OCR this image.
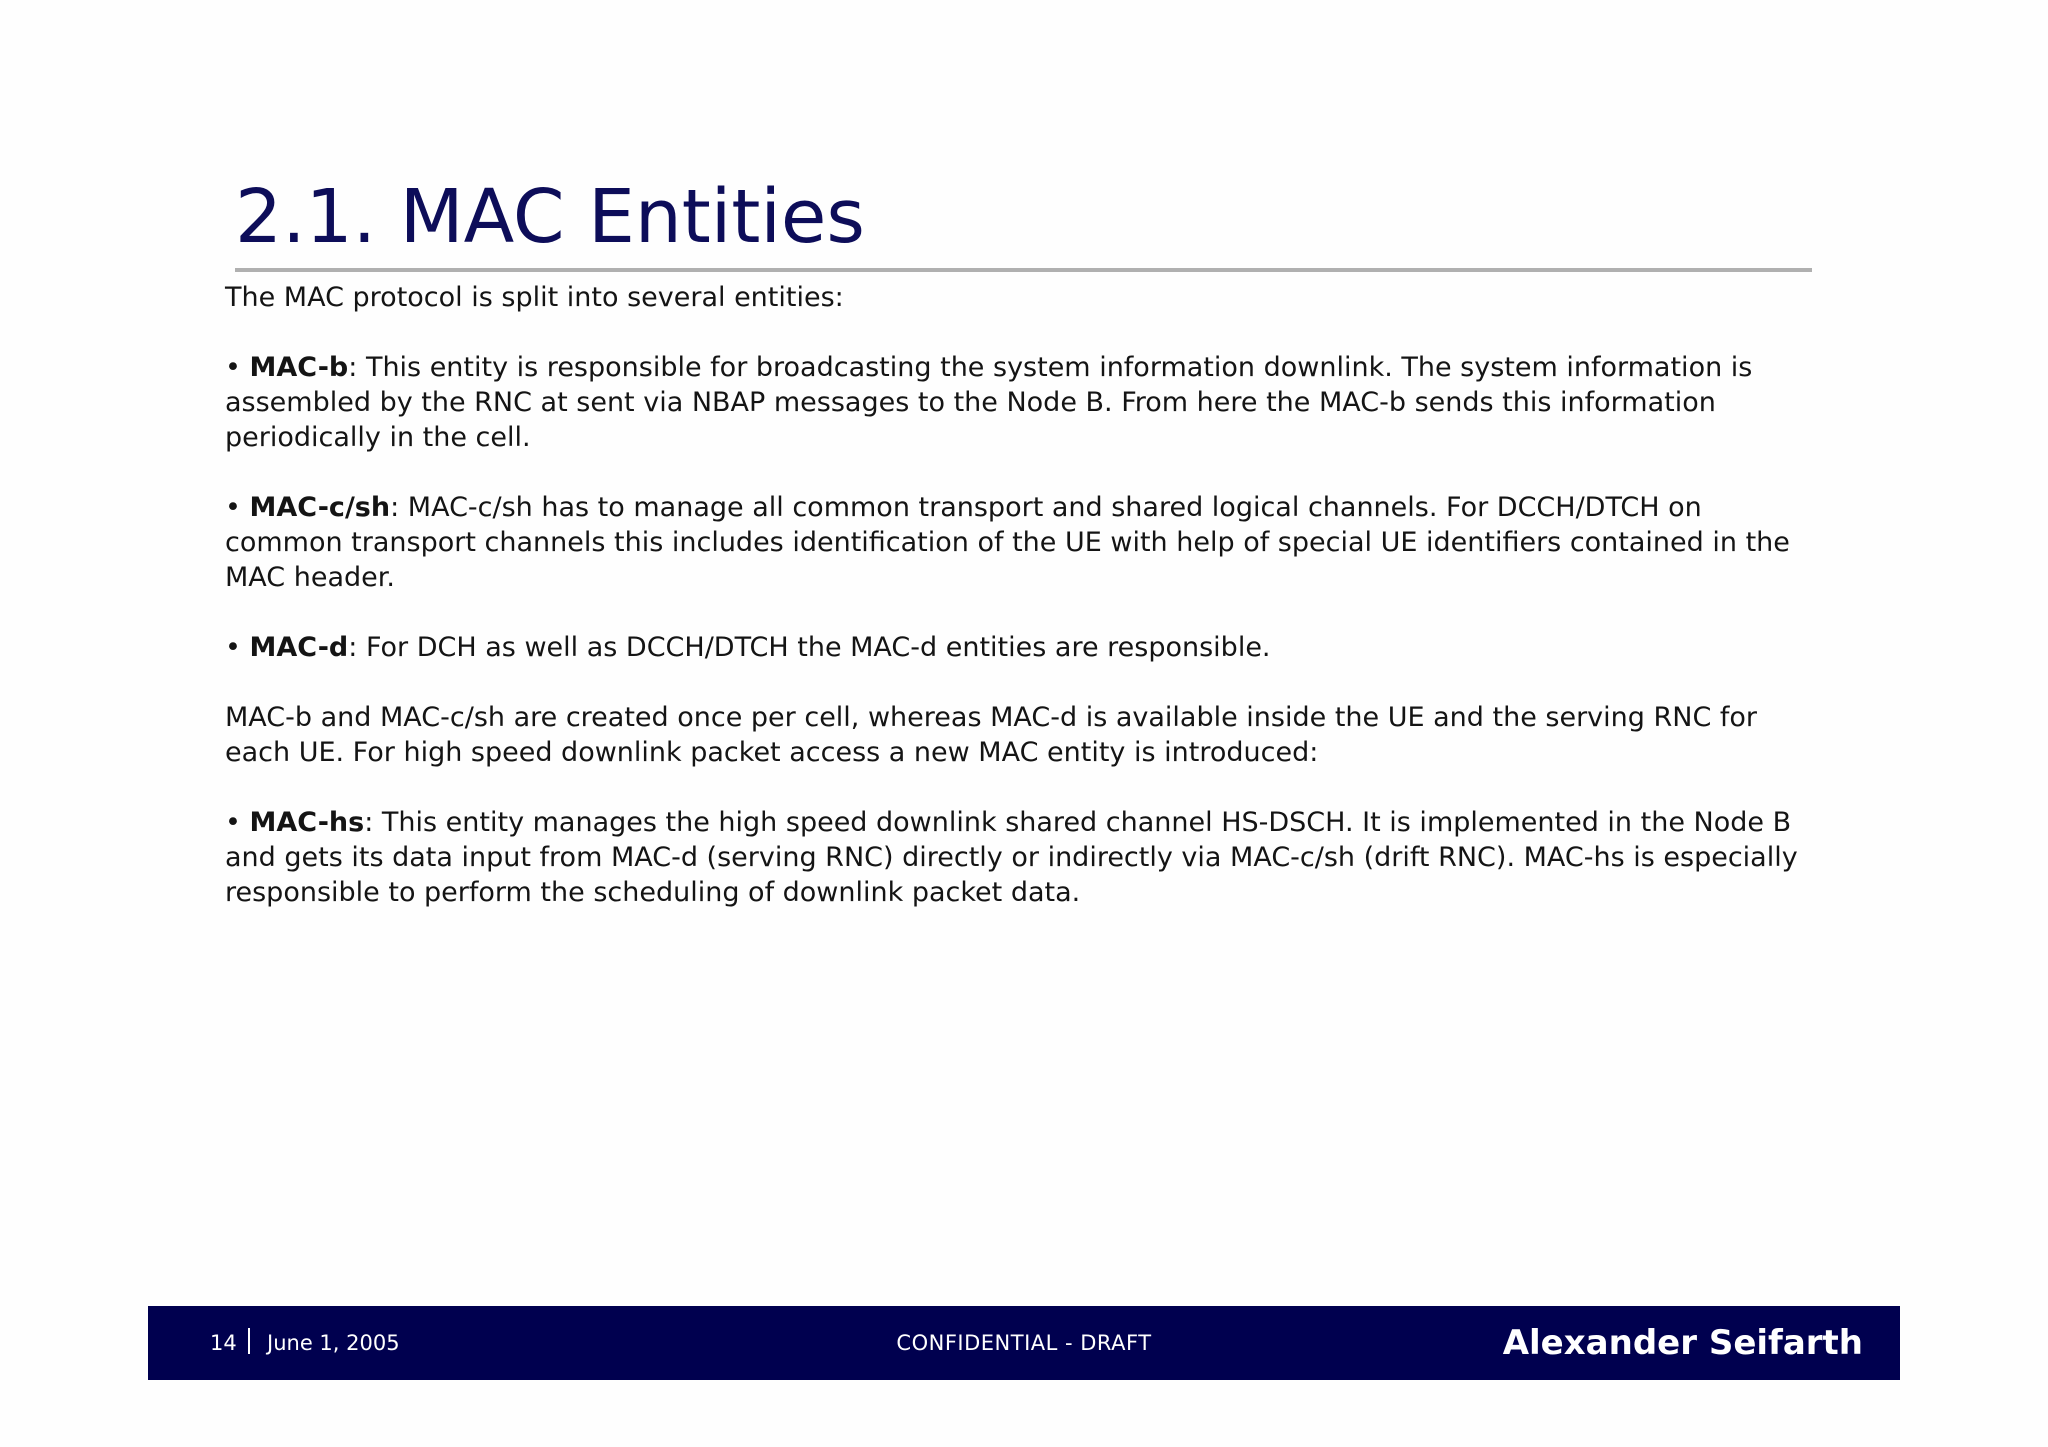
2.1. MAC Entities

The MAC protocol is split into several entities:

• MAC-b: This entity is responsible for broadcasting the system information downlink. The system information is assembled by the RNC at sent via NBAP messages to the Node B. From here the MAC-b sends this information periodically in the cell.

• MAC-c/sh: MAC-c/sh has to manage all common transport and shared logical channels. For DCCH/DTCH on common transport channels this includes identification of the UE with help of special UE identifiers contained in the MAC header.

• MAC-d: For DCH as well as DCCH/DTCH the MAC-d entities are responsible.

MAC-b and MAC-c/sh are created once per cell, whereas MAC-d is available inside the UE and the serving RNC for each UE. For high speed downlink packet access a new MAC entity is introduced:

• MAC-hs: This entity manages the high speed downlink shared channel HS-DSCH. It is implemented in the Node B and gets its data input from MAC-d (serving RNC) directly or indirectly via MAC-c/sh (drift RNC). MAC-hs is especially responsible to perform the scheduling of downlink packet data.

14 June 1, 2005	CONFIDENTIAL - DRAFT	Alexander Seifarth
